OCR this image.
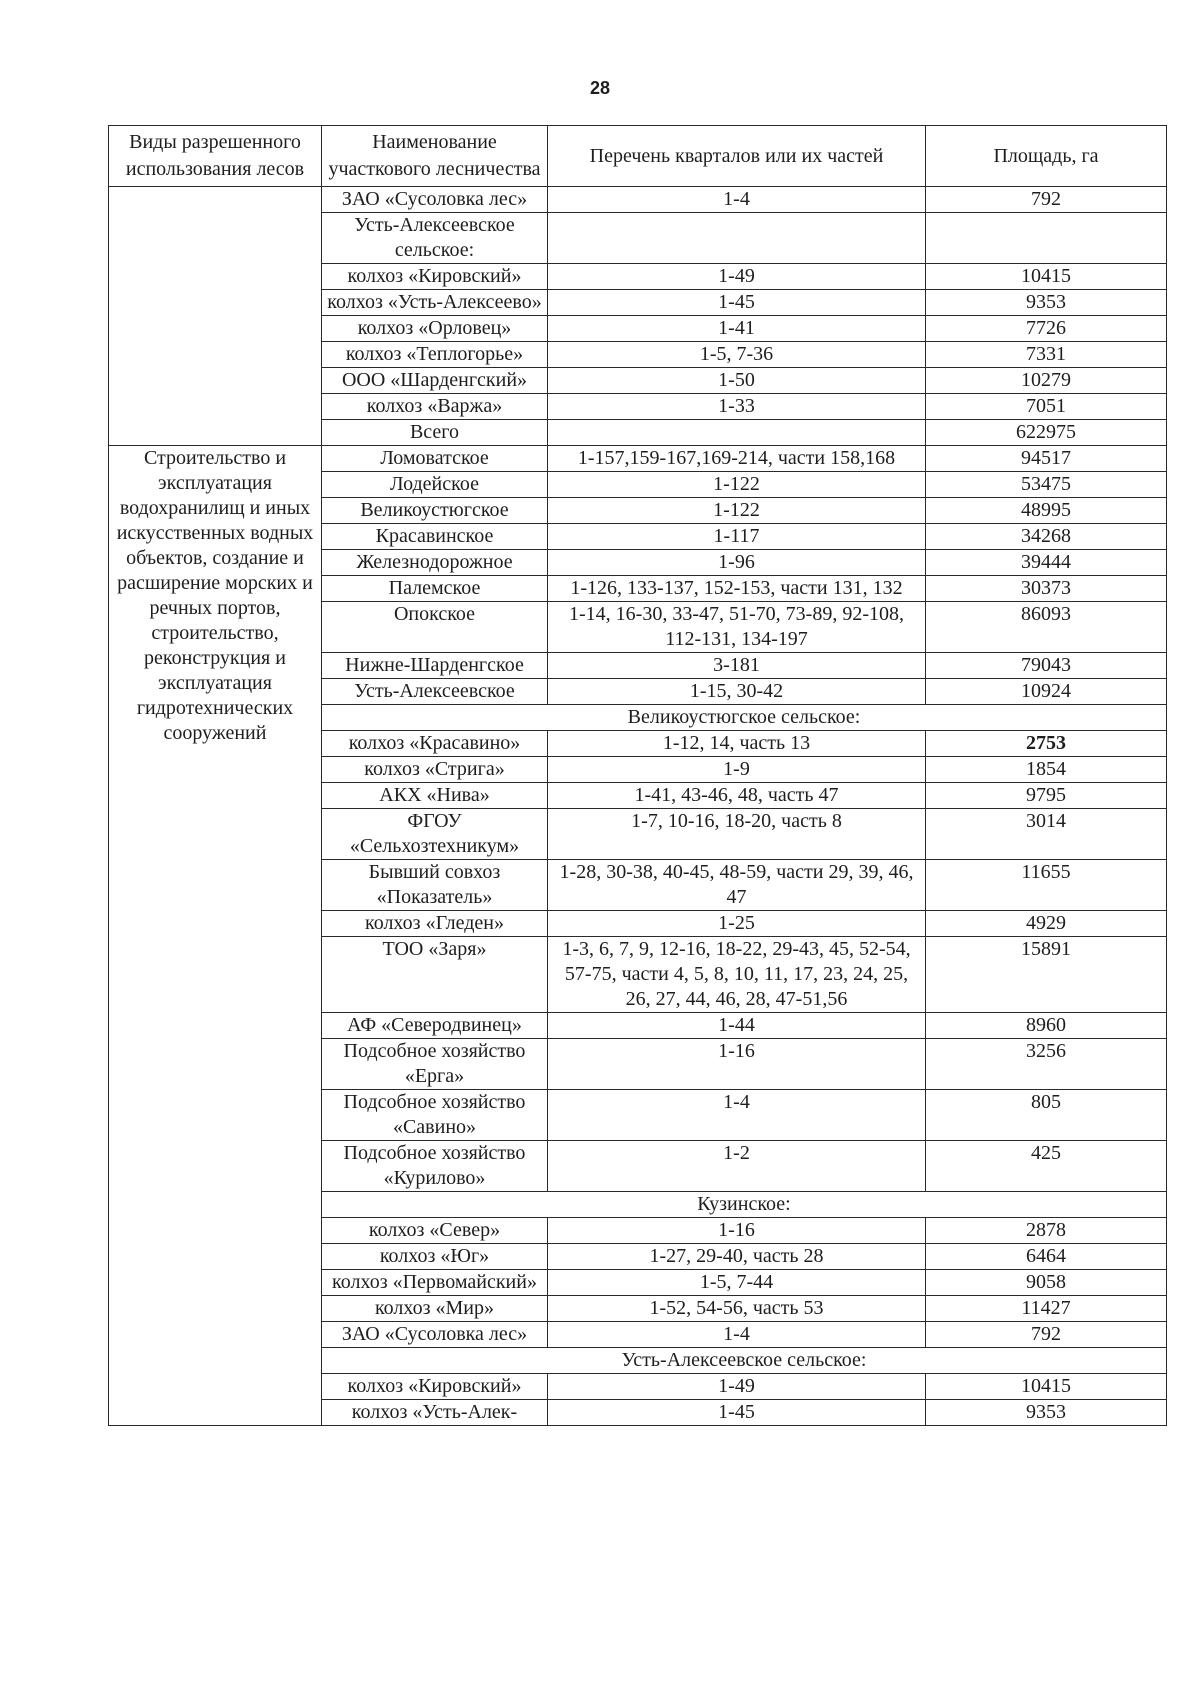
28
Виды разрешенного использования лесов	Наименование участкового лесничества	Перечень кварталов или их частей	Площадь, га
	ЗАО «Сусоловка лес»	1-4	792
	Усть-Алексеевское сельское:		
	колхоз «Кировский»	1-49	10415
	колхоз «Усть-Алексеево»	1-45	9353
	колхоз «Орловец»	1-41	7726
	колхоз «Теплогорье»	1-5, 7-36	7331
	ООО «Шарденгский»	1-50	10279
	колхоз «Варжа»	1-33	7051
	Всего		622975
Строительство и эксплуатация водохранилищ и иных искусственных водных объектов, создание и расширение морских и речных портов, строительство, реконструкция и эксплуатация гидротехнических сооружений	Ломоватское	1-157,159-167,169-214, части 158,168	94517
	Лодейское	1-122	53475
	Великоустюгское	1-122	48995
	Красавинское	1-117	34268
	Железнодорожное	1-96	39444
	Палемское	1-126, 133-137, 152-153, части 131, 132	30373
	Опокское	1-14, 16-30, 33-47, 51-70, 73-89, 92-108, 112-131, 134-197	86093
	Нижне-Шарденгское	3-181	79043
	Усть-Алексеевское	1-15, 30-42	10924
	Великоустюгское сельское:		
	колхоз «Красавино»	1-12, 14, часть 13	2753
	колхоз «Стрига»	1-9	1854
	АКХ «Нива»	1-41, 43-46, 48, часть 47	9795
	ФГОУ «Сельхозтехникум»	1-7, 10-16, 18-20, часть 8	3014
	Бывший совхоз «Показатель»	1-28, 30-38, 40-45, 48-59, части 29, 39, 46, 47	11655
	колхоз «Гледен»	1-25	4929
	ТОО «Заря»	1-3, 6, 7, 9, 12-16, 18-22, 29-43, 45, 52-54, 57-75, части 4, 5, 8, 10, 11, 17, 23, 24, 25, 26, 27, 44, 46, 28, 47-51,56	15891
	АФ «Северодвинец»	1-44	8960
	Подсобное хозяйство «Ерга»	1-16	3256
	Подсобное хозяйство «Савино»	1-4	805
	Подсобное хозяйство «Курилово»	1-2	425
	Кузинское:		
	колхоз «Север»	1-16	2878
	колхоз «Юг»	1-27, 29-40, часть 28	6464
	колхоз «Первомайский»	1-5, 7-44	9058
	колхоз «Мир»	1-52, 54-56, часть 53	11427
	ЗАО «Сусоловка лес»	1-4	792
	Усть-Алексеевское сельское:		
	колхоз «Кировский»	1-49	10415
	колхоз «Усть-Алек-	1-45	9353
